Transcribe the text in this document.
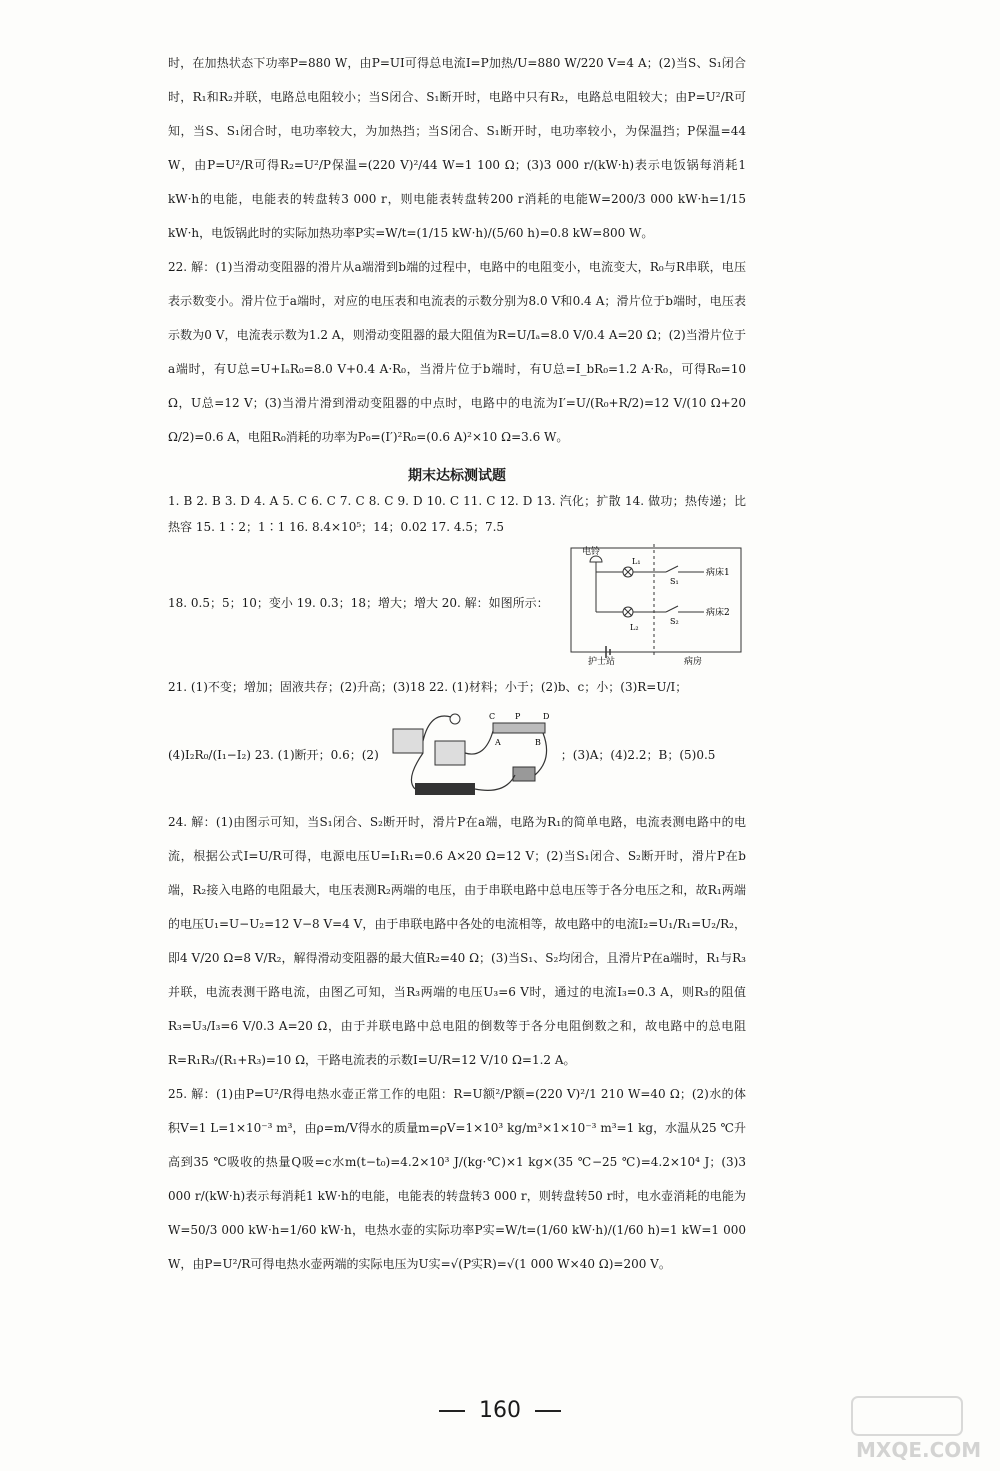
时，在加热状态下功率P=880 W，由P=UI可得总电流I=P加热/U=880 W/220 V=4 A；(2)当S、S₁闭合时，R₁和R₂并联，电路总电阻较小；当S闭合、S₁断开时，电路中只有R₂，电路总电阻较大；由P=U²/R可知，当S、S₁闭合时，电功率较大，为加热挡；当S闭合、S₁断开时，电功率较小，为保温挡；P保温=44 W，由P=U²/R可得R₂=U²/P保温=(220 V)²/44 W=1 100 Ω；(3)3 000 r/(kW·h)表示电饭锅每消耗1 kW·h的电能，电能表的转盘转3 000 r，则电能表转盘转200 r消耗的电能W=200/3 000 kW·h=1/15 kW·h，电饭锅此时的实际加热功率P实=W/t=(1/15 kW·h)/(5/60 h)=0.8 kW=800 W。

22. 解：(1)当滑动变阻器的滑片从a端滑到b端的过程中，电路中的电阻变小，电流变大，R₀与R串联，电压表示数变小。滑片位于a端时，对应的电压表和电流表的示数分别为8.0 V和0.4 A；滑片位于b端时，电压表示数为0 V，电流表示数为1.2 A，则滑动变阻器的最大阻值为R=U/Iₐ=8.0 V/0.4 A=20 Ω；(2)当滑片位于a端时，有U总=U+IₐR₀=8.0 V+0.4 A·R₀，当滑片位于b端时，有U总=I_bR₀=1.2 A·R₀，可得R₀=10 Ω，U总=12 V；(3)当滑片滑到滑动变阻器的中点时，电路中的电流为I′=U/(R₀+R/2)=12 V/(10 Ω+20 Ω/2)=0.6 A，电阻R₀消耗的功率为P₀=(I′)²R₀=(0.6 A)²×10 Ω=3.6 W。

期末达标测试题

1. B 2. B 3. D 4. A 5. C 6. C 7. C 8. C 9. D 10. C 11. C 12. D 13. 汽化；扩散 14. 做功；热传递；比热容 15. 1∶2；1∶1 16. 8.4×10⁵；14；0.02 17. 4.5；7.5

18. 0.5；5；10；变小 19. 0.3；18；增大；增大 20. 解：如图所示：
电铃
L₁
L₂
S₁
S₂
病床1
病床2
护士站	病房

21. (1)不变；增加；固液共存；(2)升高；(3)18 22. (1)材料；小于；(2)b、c；小；(3)R=U/I；

(4)I₂R₀/(I₁−I₂) 23. (1)断开；0.6；(2)
C P	D
A	B
；(3)A；(4)2.2；B；(5)0.5

24. 解：(1)由图示可知，当S₁闭合、S₂断开时，滑片P在a端，电路为R₁的简单电路，电流表测电路中的电流，根据公式I=U/R可得，电源电压U=I₁R₁=0.6 A×20 Ω=12 V；(2)当S₁闭合、S₂断开时，滑片P在b端，R₂接入电路的电阻最大，电压表测R₂两端的电压，由于串联电路中总电压等于各分电压之和，故R₁两端的电压U₁=U−U₂=12 V−8 V=4 V，由于串联电路中各处的电流相等，故电路中的电流I₂=U₁/R₁=U₂/R₂，即4 V/20 Ω=8 V/R₂，解得滑动变阻器的最大值R₂=40 Ω；(3)当S₁、S₂均闭合，且滑片P在a端时，R₁与R₃并联，电流表测干路电流，由图乙可知，当R₃两端的电压U₃=6 V时，通过的电流I₃=0.3 A，则R₃的阻值R₃=U₃/I₃=6 V/0.3 A=20 Ω，由于并联电路中总电阻的倒数等于各分电阻倒数之和，故电路中的总电阻R=R₁R₃/(R₁+R₃)=10 Ω，干路电流表的示数I=U/R=12 V/10 Ω=1.2 A。

25. 解：(1)由P=U²/R得电热水壶正常工作的电阻：R=U额²/P额=(220 V)²/1 210 W=40 Ω；(2)水的体积V=1 L=1×10⁻³ m³，由ρ=m/V得水的质量m=ρV=1×10³ kg/m³×1×10⁻³ m³=1 kg，水温从25 ℃升高到35 ℃吸收的热量Q吸=c水m(t−t₀)=4.2×10³ J/(kg·℃)×1 kg×(35 ℃−25 ℃)=4.2×10⁴ J；(3)3 000 r/(kW·h)表示每消耗1 kW·h的电能，电能表的转盘转3 000 r，则转盘转50 r时，电水壶消耗的电能为W=50/3 000 kW·h=1/60 kW·h，电热水壶的实际功率P实=W/t=(1/60 kW·h)/(1/60 h)=1 kW=1 000 W，由P=U²/R可得电热水壶两端的实际电压为U实=√(P实R)=√(1 000 W×40 Ω)=200 V。

160
MXQE.COM
